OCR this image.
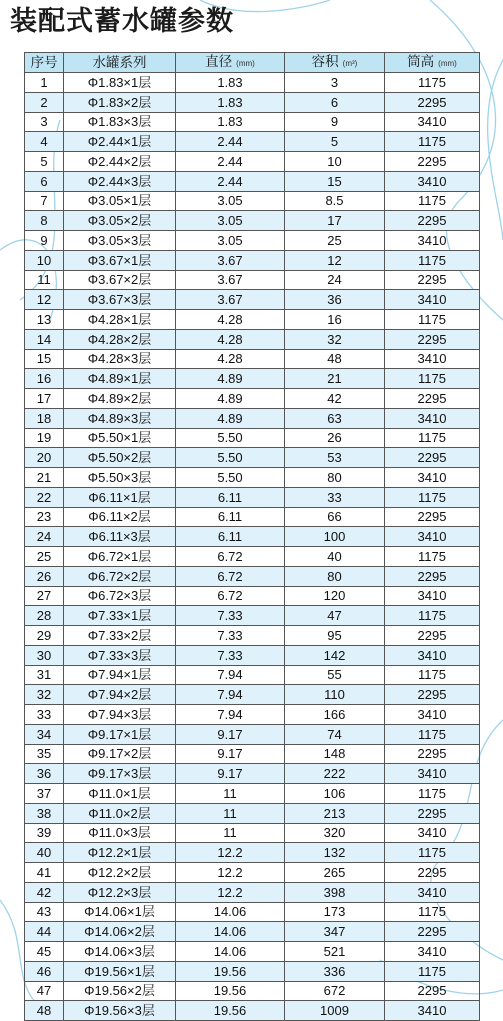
装配式蓄水罐参数
序号	水罐系列	直径 (mm)	容积 (m³)	筒高 (mm)
1	Φ1.83×1层	1.83	3	1175
2	Φ1.83×2层	1.83	6	2295
3	Φ1.83×3层	1.83	9	3410
4	Φ2.44×1层	2.44	5	1175
5	Φ2.44×2层	2.44	10	2295
6	Φ2.44×3层	2.44	15	3410
7	Φ3.05×1层	3.05	8.5	1175
8	Φ3.05×2层	3.05	17	2295
9	Φ3.05×3层	3.05	25	3410
10	Φ3.67×1层	3.67	12	1175
11	Φ3.67×2层	3.67	24	2295
12	Φ3.67×3层	3.67	36	3410
13	Φ4.28×1层	4.28	16	1175
14	Φ4.28×2层	4.28	32	2295
15	Φ4.28×3层	4.28	48	3410
16	Φ4.89×1层	4.89	21	1175
17	Φ4.89×2层	4.89	42	2295
18	Φ4.89×3层	4.89	63	3410
19	Φ5.50×1层	5.50	26	1175
20	Φ5.50×2层	5.50	53	2295
21	Φ5.50×3层	5.50	80	3410
22	Φ6.11×1层	6.11	33	1175
23	Φ6.11×2层	6.11	66	2295
24	Φ6.11×3层	6.11	100	3410
25	Φ6.72×1层	6.72	40	1175
26	Φ6.72×2层	6.72	80	2295
27	Φ6.72×3层	6.72	120	3410
28	Φ7.33×1层	7.33	47	1175
29	Φ7.33×2层	7.33	95	2295
30	Φ7.33×3层	7.33	142	3410
31	Φ7.94×1层	7.94	55	1175
32	Φ7.94×2层	7.94	110	2295
33	Φ7.94×3层	7.94	166	3410
34	Φ9.17×1层	9.17	74	1175
35	Φ9.17×2层	9.17	148	2295
36	Φ9.17×3层	9.17	222	3410
37	Φ11.0×1层	11	106	1175
38	Φ11.0×2层	11	213	2295
39	Φ11.0×3层	11	320	3410
40	Φ12.2×1层	12.2	132	1175
41	Φ12.2×2层	12.2	265	2295
42	Φ12.2×3层	12.2	398	3410
43	Φ14.06×1层	14.06	173	1175
44	Φ14.06×2层	14.06	347	2295
45	Φ14.06×3层	14.06	521	3410
46	Φ19.56×1层	19.56	336	1175
47	Φ19.56×2层	19.56	672	2295
48	Φ19.56×3层	19.56	1009	3410
